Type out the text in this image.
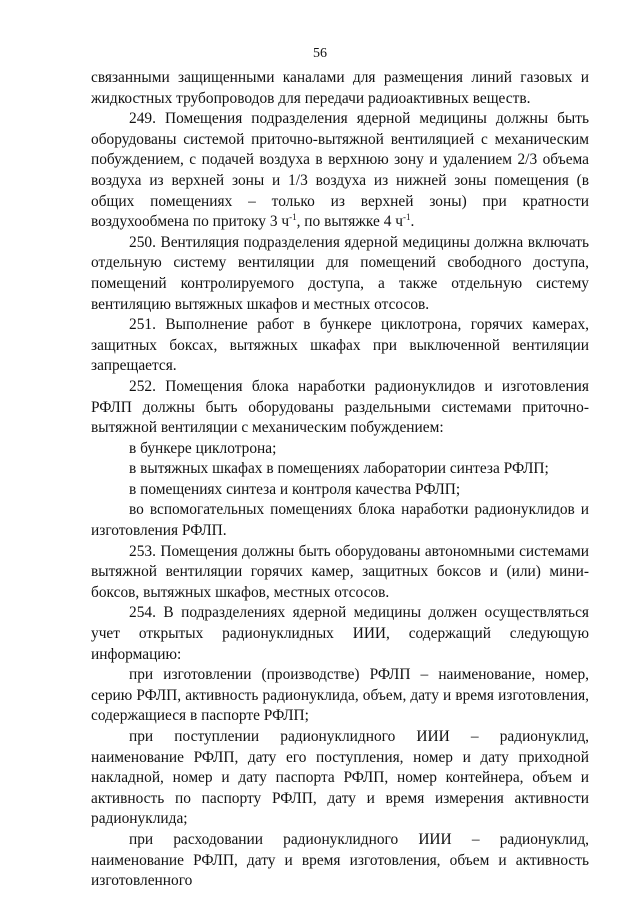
56

связанными защищенными каналами для размещения линий газовых и жидкостных трубопроводов для передачи радиоактивных веществ.

249. Помещения подразделения ядерной медицины должны быть оборудованы системой приточно-вытяжной вентиляцией с механическим побуждением, с подачей воздуха в верхнюю зону и удалением 2/3 объема воздуха из верхней зоны и 1/3 воздуха из нижней зоны помещения (в общих помещениях – только из верхней зоны) при кратности воздухообмена по притоку 3 $ч^{-1}$, по вытяжке 4 $ч^{-1}$.

250. Вентиляция подразделения ядерной медицины должна включать отдельную систему вентиляции для помещений свободного доступа, помещений контролируемого доступа, а также отдельную систему вентиляцию вытяжных шкафов и местных отсосов.

251. Выполнение работ в бункере циклотрона, горячих камерах, защитных боксах, вытяжных шкафах при выключенной вентиляции запрещается.

252. Помещения блока наработки радионуклидов и изготовления РФЛП должны быть оборудованы раздельными системами приточно-вытяжной вентиляции с механическим побуждением:

в бункере циклотрона;

в вытяжных шкафах в помещениях лаборатории синтеза РФЛП;

в помещениях синтеза и контроля качества РФЛП;

во вспомогательных помещениях блока наработки радионуклидов и изготовления РФЛП.

253. Помещения должны быть оборудованы автономными системами вытяжной вентиляции горячих камер, защитных боксов и (или) мини-боксов, вытяжных шкафов, местных отсосов.

254. В подразделениях ядерной медицины должен осуществляться учет открытых радионуклидных ИИИ, содержащий следующую информацию:

при изготовлении (производстве) РФЛП – наименование, номер, серию РФЛП, активность радионуклида, объем, дату и время изготовления, содержащиеся в паспорте РФЛП;

при поступлении радионуклидного ИИИ – радионуклид, наименование РФЛП, дату его поступления, номер и дату приходной накладной, номер и дату паспорта РФЛП, номер контейнера, объем и активность по паспорту РФЛП, дату и время измерения активности радионуклида;

при расходовании радионуклидного ИИИ – радионуклид, наименование РФЛП, дату и время изготовления, объем и активность изготовленного
